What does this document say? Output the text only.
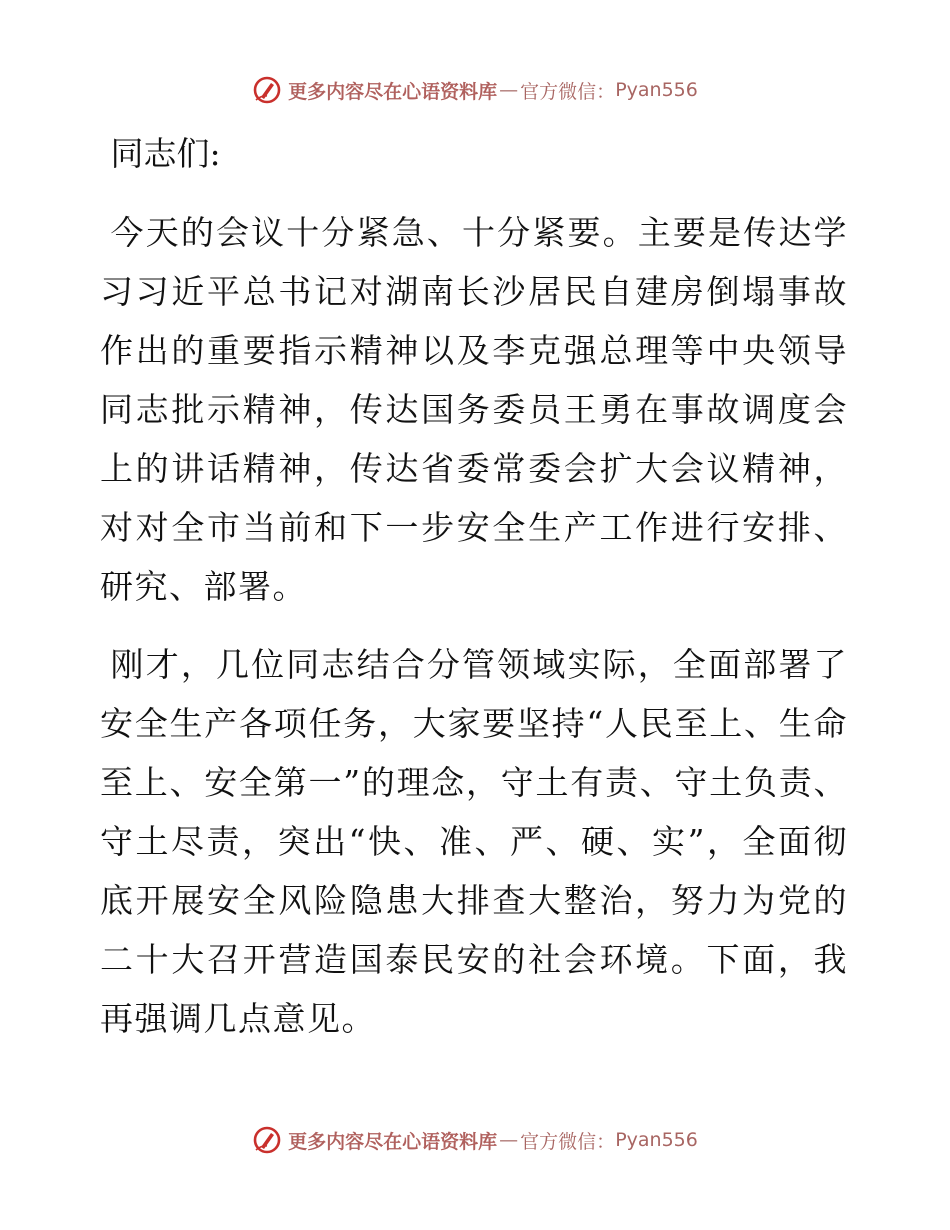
更多内容尽在心语资料库 — 官方微信： Pyan556

同志们:

今天的会议十分紧急、十分紧要。主要是传达学习习近平总书记对湖南长沙居民自建房倒塌事故作出的重要指示精神以及李克强总理等中央领导同志批示精神，传达国务委员王勇在事故调度会上的讲话精神，传达省委常委会扩大会议精神，对对全市当前和下一步安全生产工作进行安排、研究、部署。

刚才，几位同志结合分管领域实际，全面部署了安全生产各项任务，大家要坚持“人民至上、生命至上、安全第一”的理念，守土有责、守土负责、守土尽责，突出“快、准、严、硬、实”，全面彻底开展安全风险隐患大排查大整治，努力为党的二十大召开营造国泰民安的社会环境。下面，我再强调几点意见。

更多内容尽在心语资料库 — 官方微信： Pyan556
